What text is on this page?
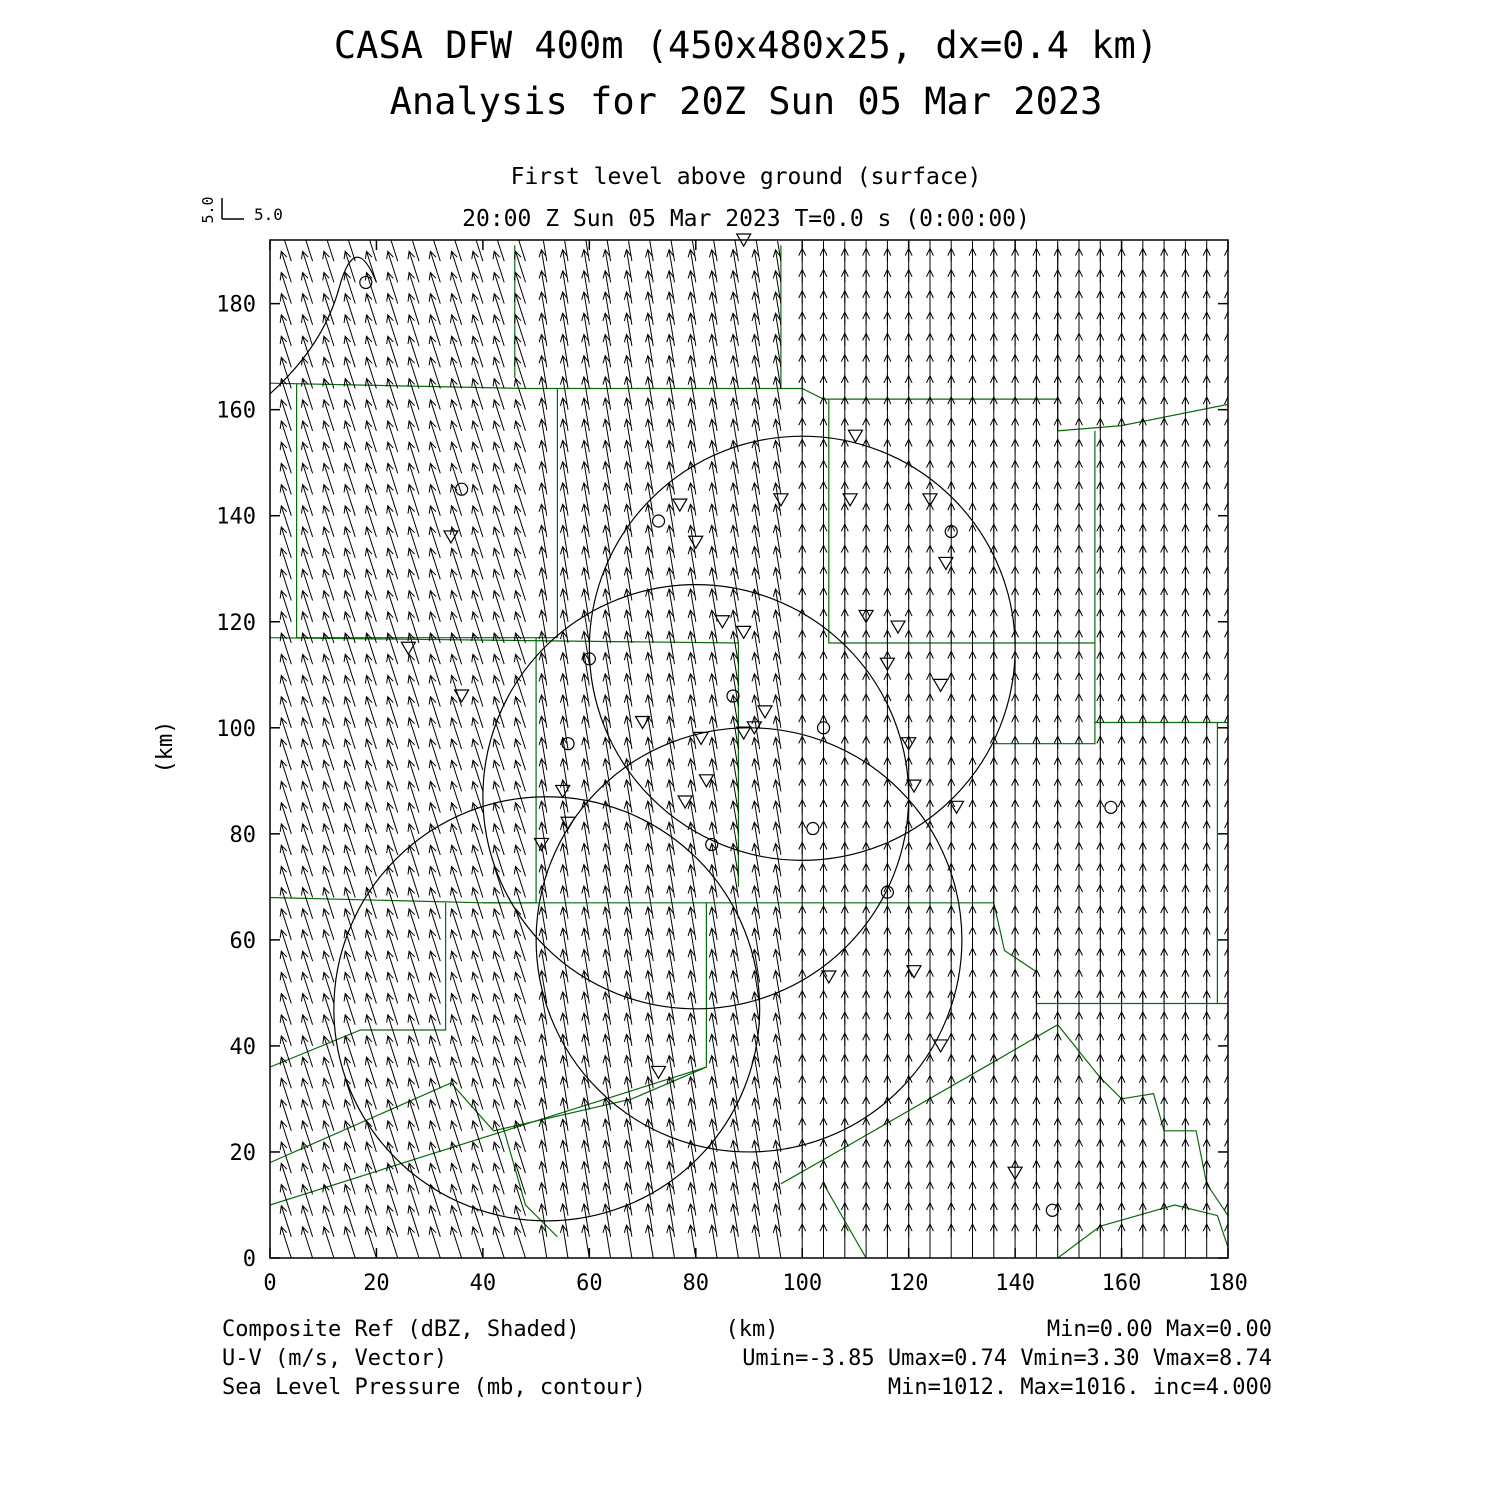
CASA DFW 400m (450x480x25, dx=0.4 km)
Analysis for 20Z Sun 05 Mar 2023
First level above ground (surface)
20:00 Z Sun 05 Mar 2023 T=0.0 s (0:00:00)
5.0 5.0
0	20	40	60	80	100	120	140	160	180
0
20
40
60
80
100
120
140
160
180
(km)
(km)
Composite Ref (dBZ, Shaded)	Min=0.00 Max=0.00
U-V (m/s, Vector)	Umin=-3.85 Umax=0.74 Vmin=3.30 Vmax=8.74
Sea Level Pressure (mb, contour)	Min=1012. Max=1016. inc=4.000
